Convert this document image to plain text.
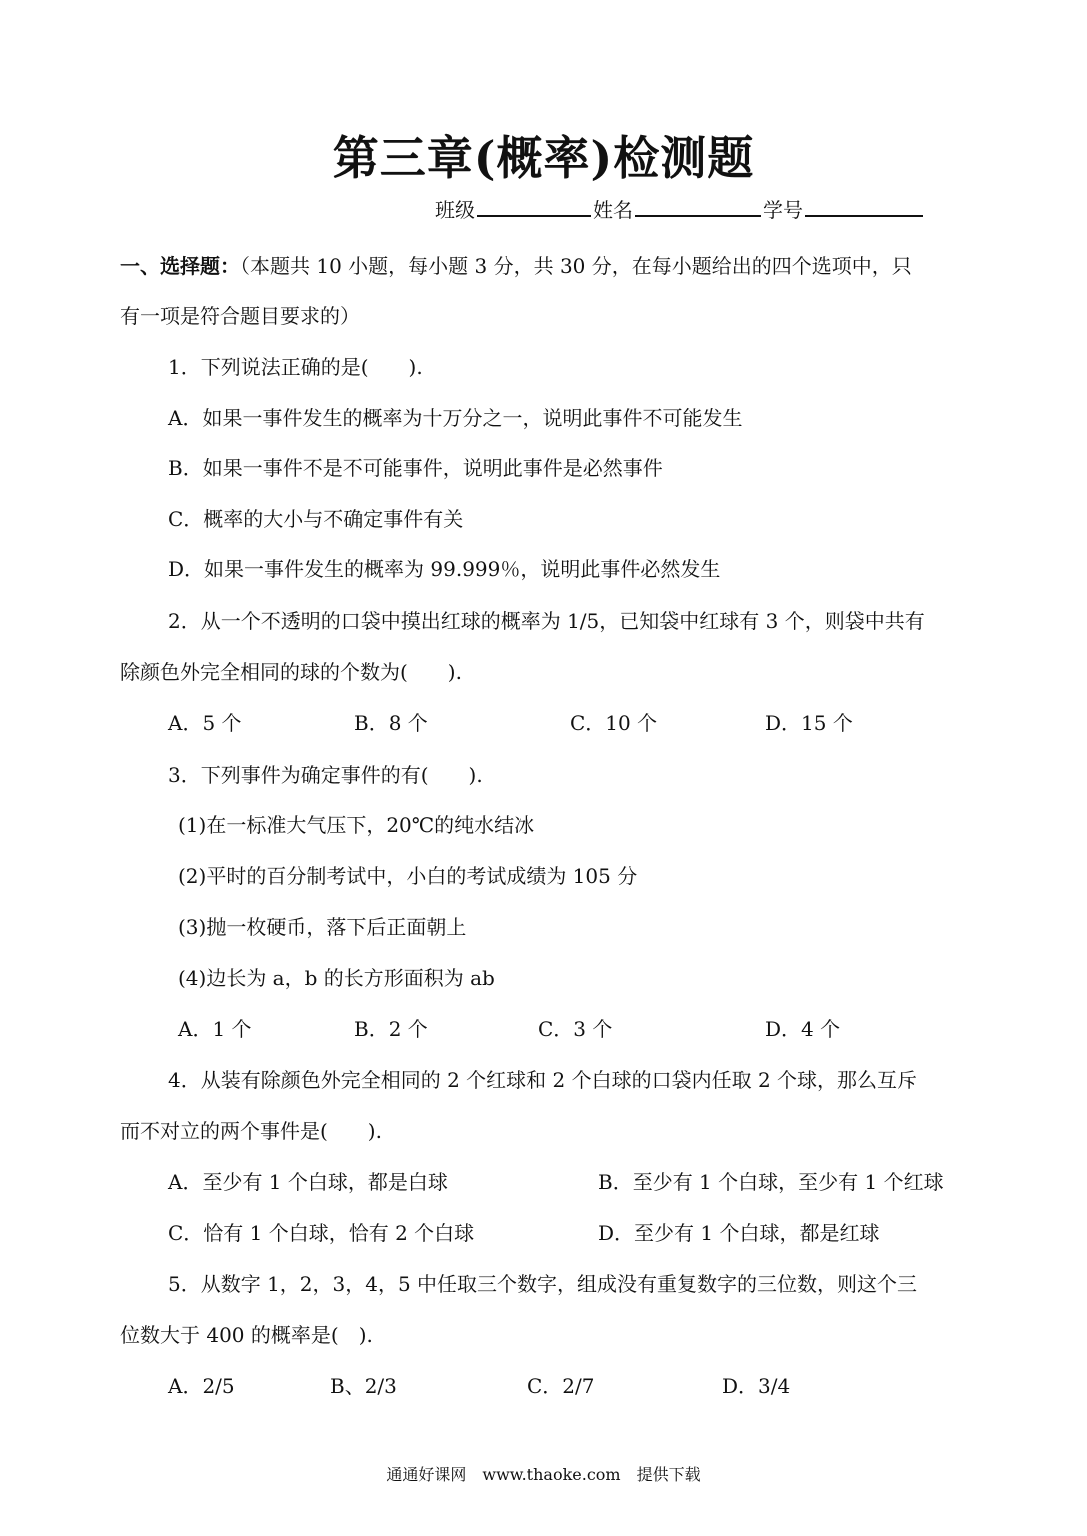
第三章(概率)检测题
班级	姓名	学号
一、选择题：（本题共 10 小题，每小题 3 分，共 30 分，在每小题给出的四个选项中，只
有一项是符合题目要求的）
1．下列说法正确的是(　　).
A．如果一事件发生的概率为十万分之一，说明此事件不可能发生
B．如果一事件不是不可能事件，说明此事件是必然事件
C．概率的大小与不确定事件有关
D．如果一事件发生的概率为 99.999％，说明此事件必然发生
2．从一个不透明的口袋中摸出红球的概率为 1/5，已知袋中红球有 3 个，则袋中共有
除颜色外完全相同的球的个数为(　　).
A．5 个	B．8 个	C．10 个	D．15 个
3．下列事件为确定事件的有(　　).
(1)在一标准大气压下，20℃的纯水结冰
(2)平时的百分制考试中，小白的考试成绩为 105 分
(3)抛一枚硬币，落下后正面朝上
(4)边长为 a，b 的长方形面积为 ab
A．1 个	B．2 个	C．3 个	D．4 个
4．从装有除颜色外完全相同的 2 个红球和 2 个白球的口袋内任取 2 个球，那么互斥
而不对立的两个事件是(　　).
A．至少有 1 个白球，都是白球	B．至少有 1 个白球，至少有 1 个红球
C．恰有 1 个白球，恰有 2 个白球	D．至少有 1 个白球，都是红球
5．从数字 1，2，3，4，5 中任取三个数字，组成没有重复数字的三位数，则这个三
位数大于 400 的概率是(　).
A．2/5	B、2/3	C．2/7	D．3/4
通通好课网　www.thaoke.com　提供下载
